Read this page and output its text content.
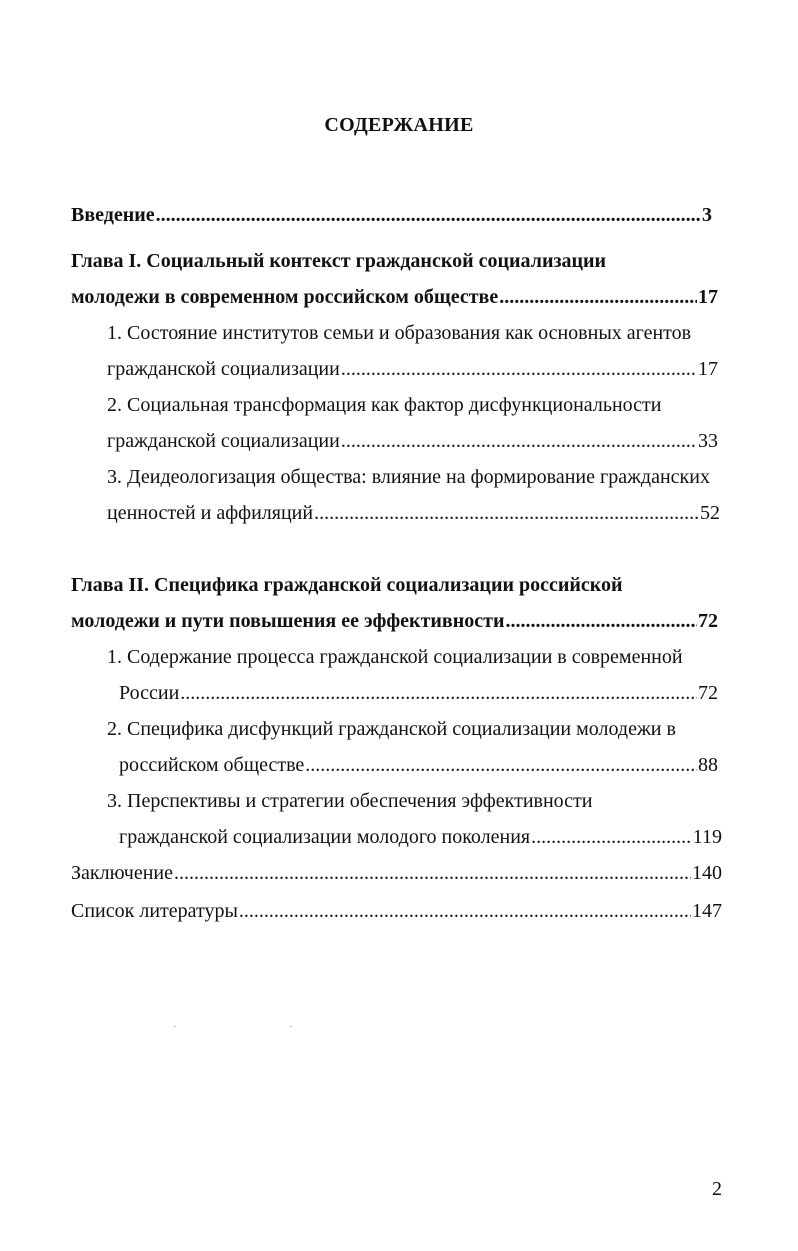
СОДЕРЖАНИЕ
Введение .....	3
Глава I. Социальный контекст гражданской социализации
молодежи в современном российском обществе .....	17
1. Состояние институтов семьи и образования как основных агентов
гражданской социализации .....	17
2. Социальная трансформация как фактор дисфункциональности
гражданской социализации .....	33
3. Деидеологизация общества: влияние на формирование гражданских
ценностей и аффиляций .....	52
Глава II. Специфика гражданской социализации российской
молодежи и пути повышения ее эффективности .....	72
1. Содержание процесса гражданской социализации в современной
России .....	72
2. Специфика дисфункций гражданской социализации молодежи в
российском обществе .....	88
3. Перспективы и стратегии обеспечения эффективности
гражданской социализации молодого поколения .....	119
Заключение .....	140
Список литературы .....	147
2
